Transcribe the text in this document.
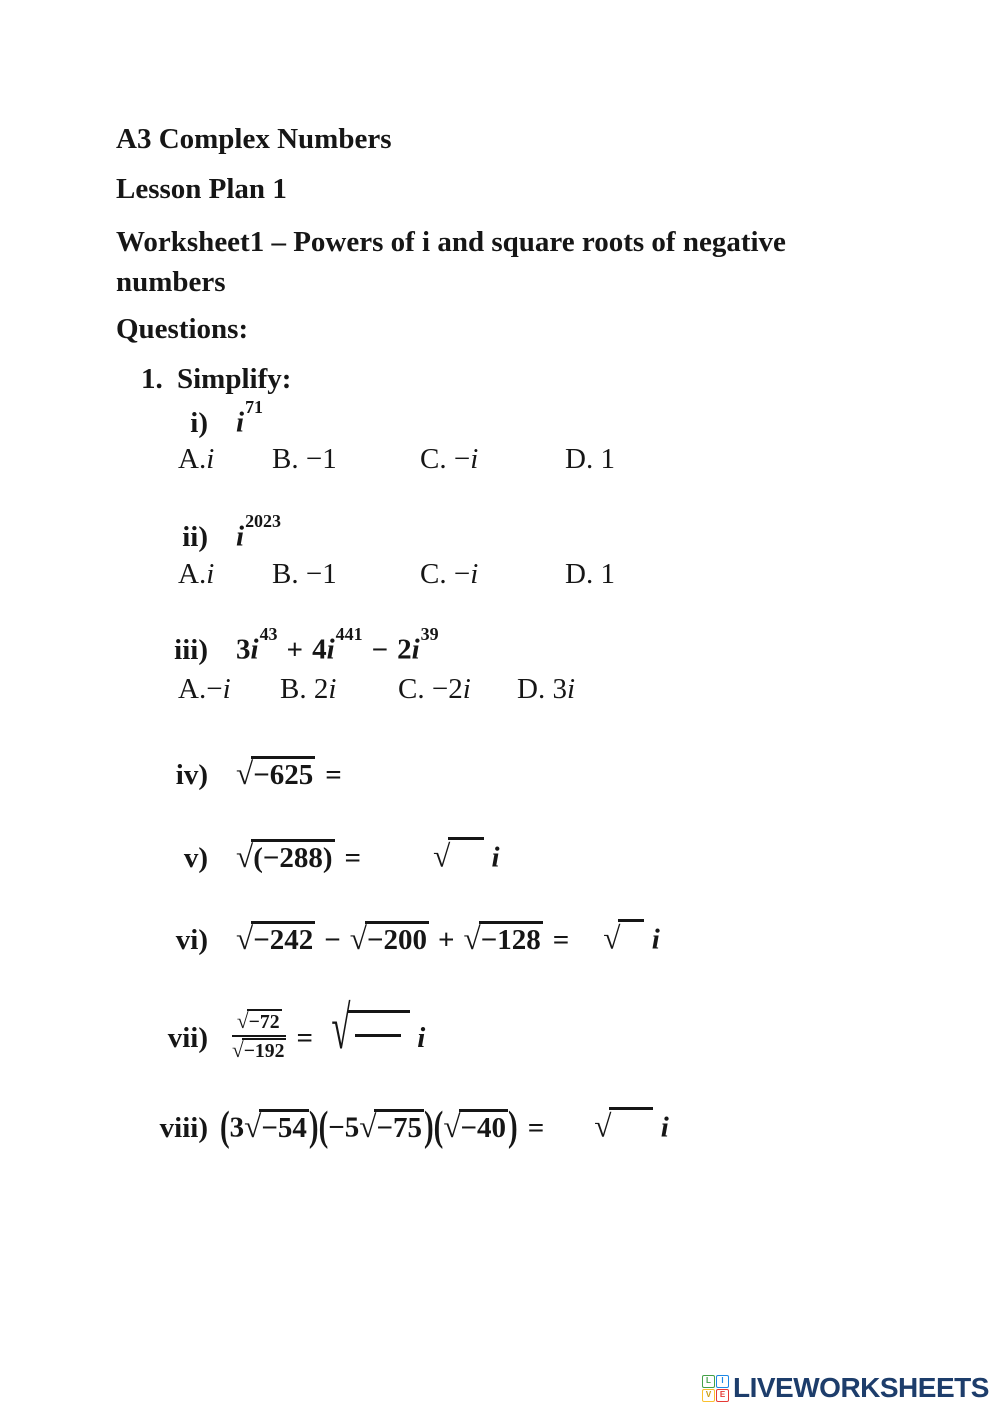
A3 Complex Numbers
Lesson Plan 1
Worksheet1 – Powers of i and square roots of negative numbers
Questions:
1. Simplify:
i) $i^{71}$
A.i	B. −1	C. −i	D. 1
ii) $i^{2023}$
A.i	B. −1	C. −i	D. 1
iii) $3i^{43} + 4i^{441} - 2i^{39}$
A.−i	B. 2i	C. −2i	D. 3i
iv) √−625 =
v) √(−288) = √ i
vi) √−242 − √−200 + √−128 = √ i
$vii) \frac{√-72}{√-192}$ = √ i
viii) (3√−54)(−5√−75)(√−40) = √ i
L	I
V	E LIVEWORKSHEETS
